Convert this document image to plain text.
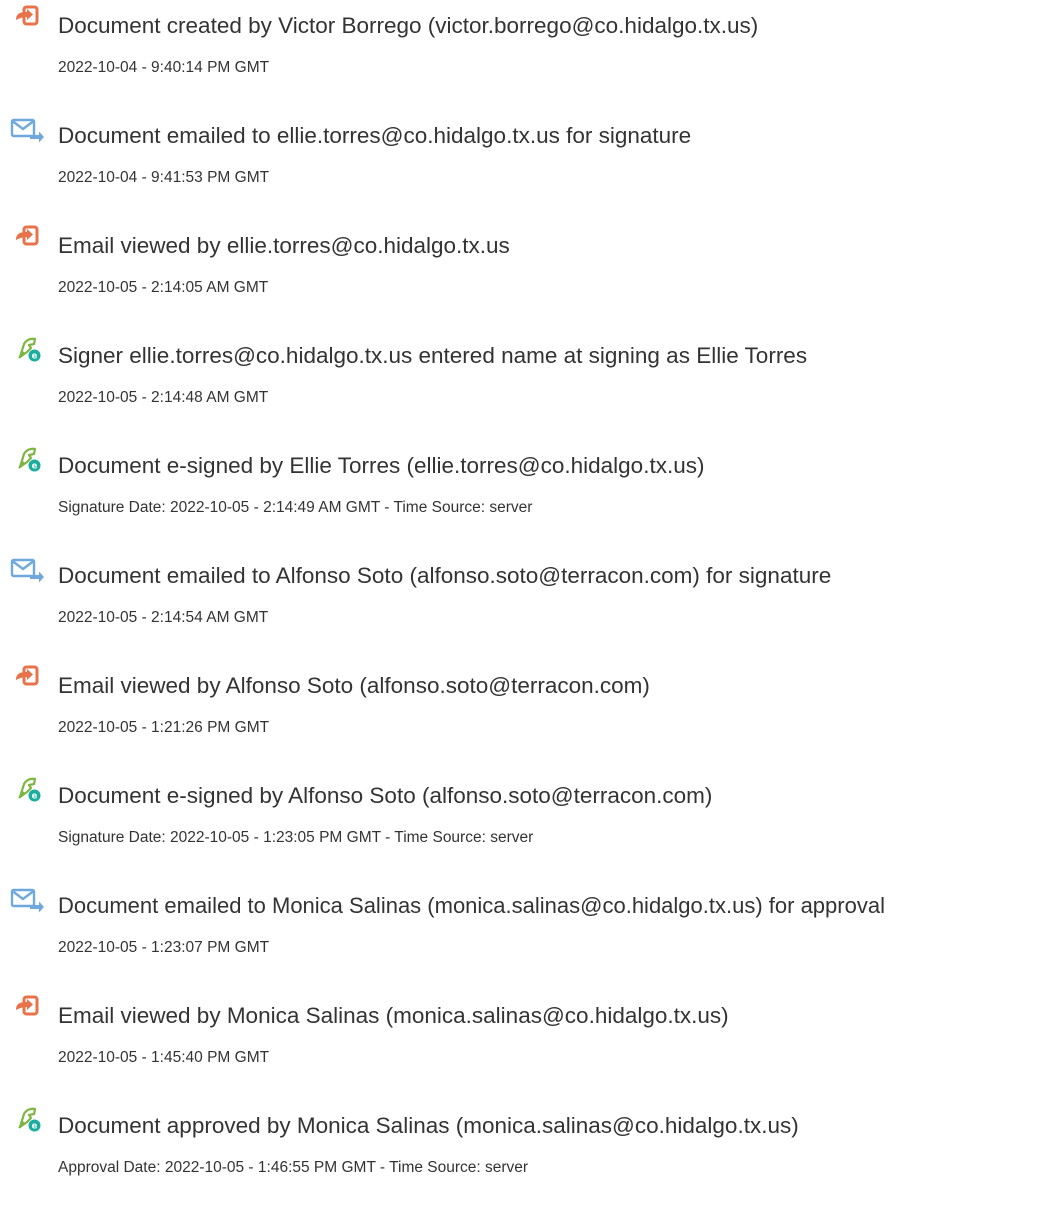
Document created by Victor Borrego (victor.borrego@co.hidalgo.tx.us)
2022-10-04 - 9:40:14 PM GMT
Document emailed to ellie.torres@co.hidalgo.tx.us for signature
2022-10-04 - 9:41:53 PM GMT
Email viewed by ellie.torres@co.hidalgo.tx.us
2022-10-05 - 2:14:05 AM GMT
e Signer ellie.torres@co.hidalgo.tx.us entered name at signing as Ellie Torres
2022-10-05 - 2:14:48 AM GMT
e Document e-signed by Ellie Torres (ellie.torres@co.hidalgo.tx.us)
Signature Date: 2022-10-05 - 2:14:49 AM GMT - Time Source: server
Document emailed to Alfonso Soto (alfonso.soto@terracon.com) for signature
2022-10-05 - 2:14:54 AM GMT
Email viewed by Alfonso Soto (alfonso.soto@terracon.com)
2022-10-05 - 1:21:26 PM GMT
e Document e-signed by Alfonso Soto (alfonso.soto@terracon.com)
Signature Date: 2022-10-05 - 1:23:05 PM GMT - Time Source: server
Document emailed to Monica Salinas (monica.salinas@co.hidalgo.tx.us) for approval
2022-10-05 - 1:23:07 PM GMT
Email viewed by Monica Salinas (monica.salinas@co.hidalgo.tx.us)
2022-10-05 - 1:45:40 PM GMT
e Document approved by Monica Salinas (monica.salinas@co.hidalgo.tx.us)
Approval Date: 2022-10-05 - 1:46:55 PM GMT - Time Source: server
